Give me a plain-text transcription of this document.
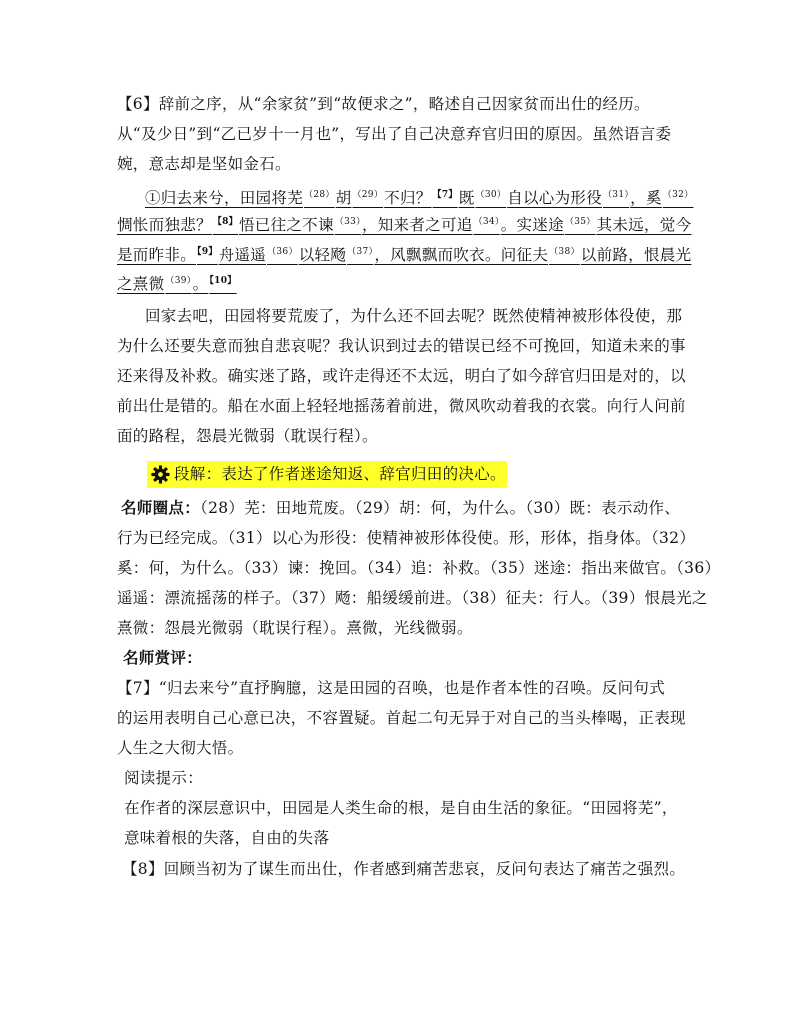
【6】辞前之序，从“余家贫”到“故便求之”，略述自己因家贫而出仕的经历。
从“及少日”到“乙已岁十一月也”，写出了自己决意弃官归田的原因。虽然语言委
婉，意志却是坚如金石。
①归去来兮，田园将芜$^{(28)}$胡$^{(29)}$不归？$^{【7】}$既$^{(30)}$自以心为形役$^{(31)}$，奚$^{(32)}$
惆怅而独悲？$^{【8】}$悟已往之不谏$^{(33)}$，知来者之可追$^{(34)}$。实迷途$^{(35)}$其未远，觉今
是而昨非。$^{【9】}$舟遥遥$^{(36)}$以轻飏$^{(37)}$，风飘飘而吹衣。问征夫$^{(38)}$以前路，恨晨光
之熹微$^{(39)}$。$^{【10】}$
回家去吧，田园将要荒废了，为什么还不回去呢？既然使精神被形体役使，那
为什么还要失意而独自悲哀呢？我认识到过去的错误已经不可挽回，知道未来的事
还来得及补救。确实迷了路，或许走得还不太远，明白了如今辞官归田是对的，以
前出仕是错的。船在水面上轻轻地摇荡着前进，微风吹动着我的衣裳。向行人问前
面的路程，怨晨光微弱（耽误行程）。
段解：表达了作者迷途知返、辞官归田的决心。
名师圈点：（28）芜：田地荒废。（29）胡：何，为什么。（30）既：表示动作、
行为已经完成。（31）以心为形役：使精神被形体役使。形，形体，指身体。（32）
奚：何，为什么。（33）谏：挽回。（34）追：补救。（35）迷途：指出来做官。（36）
遥遥：漂流摇荡的样子。（37）飏：船缓缓前进。（38）征夫：行人。（39）恨晨光之
熹微：怨晨光微弱（耽误行程）。熹微，光线微弱。
名师赏评：
【7】“归去来兮”直抒胸臆，这是田园的召唤，也是作者本性的召唤。反问句式
的运用表明自己心意已决，不容置疑。首起二句无异于对自己的当头棒喝，正表现
人生之大彻大悟。
阅读提示：
在作者的深层意识中，田园是人类生命的根，是自由生活的象征。“田园将芜”，
意味着根的失落，自由的失落
【8】回顾当初为了谋生而出仕，作者感到痛苦悲哀，反问句表达了痛苦之强烈。
